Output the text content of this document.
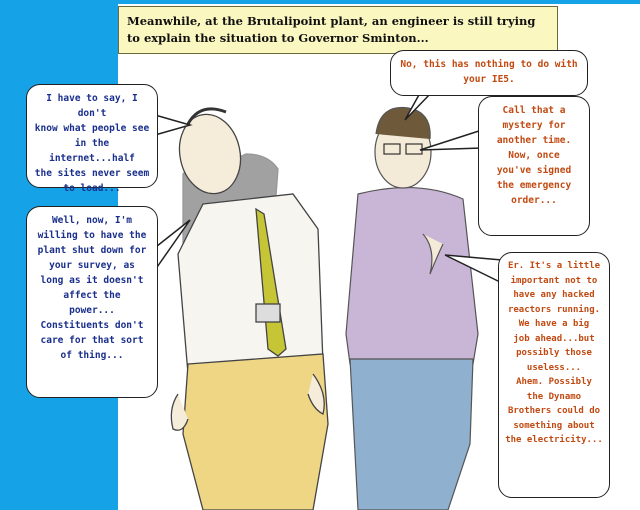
Meanwhile, at the Brutalipoint plant, an engineer is still trying to explain the situation to Governor Sminton...
No, this has nothing to do with
your IE5.
I have to say, I don't
know what people see
in the internet...half
the sites never seem
to load...
Call that a
mystery for
another time.
Now, once
you've signed
the emergency
order...
Well, now, I'm
willing to have the
plant shut down for
your survey, as
long as it doesn't
affect the
power...
Constituents don't
care for that sort
of thing...
Er. It's a little
important not to
have any hacked
reactors running.
We have a big
job ahead...but
possibly those
useless...
Ahem. Possibly
the Dynamo
Brothers could do
something about
the electricity...
